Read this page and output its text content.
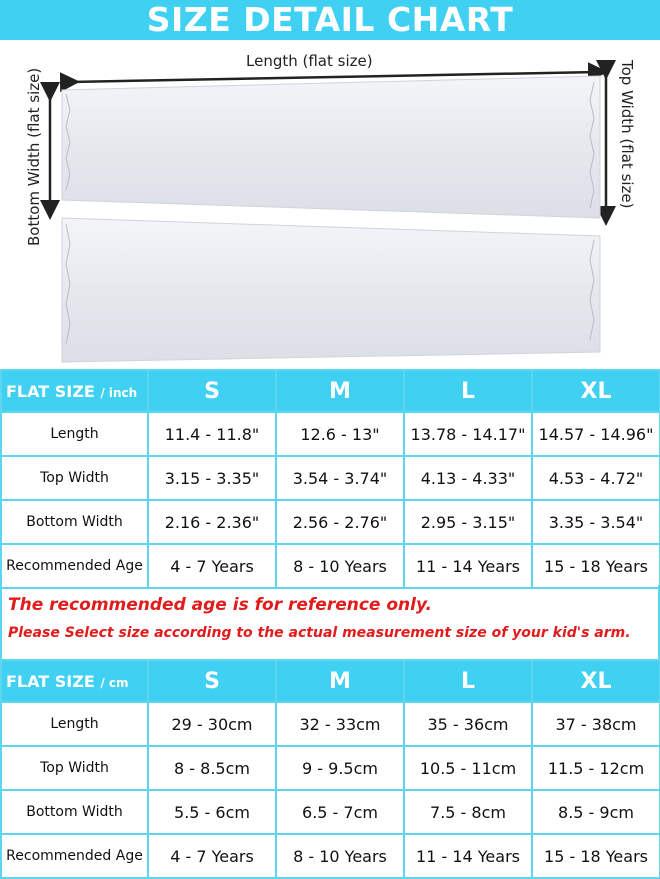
SIZE DETAIL CHART
Length (flat size)
Bottom Width (flat size)	Top Width (flat size)
FLAT SIZE / inch	S	M	L	XL
Length	11.4 - 11.8"	12.6 - 13"	13.78 - 14.17"	14.57 - 14.96"
Top Width	3.15 - 3.35"	3.54 - 3.74"	4.13 - 4.33"	4.53 - 4.72"
Bottom Width	2.16 - 2.36"	2.56 - 2.76"	2.95 - 3.15"	3.35 - 3.54"
Recommended Age	4 - 7 Years	8 - 10 Years	11 - 14 Years	15 - 18 Years
The recommended age is for reference only.
Please Select size according to the actual measurement size of your kid's arm.
FLAT SIZE / cm	S	M	L	XL
Length	29 - 30cm	32 - 33cm	35 - 36cm	37 - 38cm
Top Width	8 - 8.5cm	9 - 9.5cm	10.5 - 11cm	11.5 - 12cm
Bottom Width	5.5 - 6cm	6.5 - 7cm	7.5 - 8cm	8.5 - 9cm
Recommended Age	4 - 7 Years	8 - 10 Years	11 - 14 Years	15 - 18 Years
